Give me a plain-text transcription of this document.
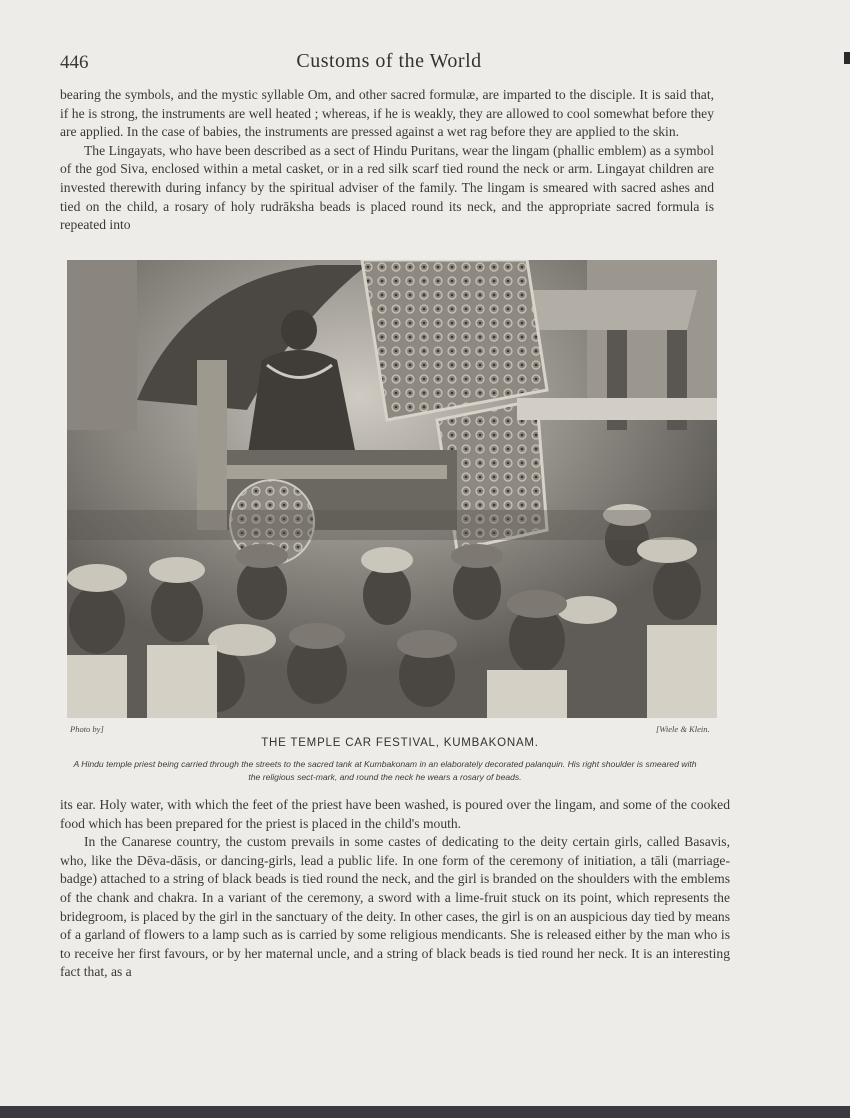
446	Customs of the World

bearing the symbols, and the mystic syllable Om, and other sacred formulæ, are imparted to the disciple. It is said that, if he is strong, the instruments are well heated ; whereas, if he is weakly, they are allowed to cool somewhat before they are applied. In the case of babies, the instruments are pressed against a wet rag before they are applied to the skin.

The Lingayats, who have been described as a sect of Hindu Puritans, wear the lingam (phallic emblem) as a symbol of the god Siva, enclosed within a metal casket, or in a red silk scarf tied round the neck or arm. Lingayat children are invested therewith during infancy by the spiritual adviser of the family. The lingam is smeared with sacred ashes and tied on the child, a rosary of holy rudrāksha beads is placed round its neck, and the appropriate sacred formula is repeated into

Photo by]	[Wiele & Klein.
THE TEMPLE CAR FESTIVAL, KUMBAKONAM.
A Hindu temple priest being carried through the streets to the sacred tank at Kumbakonam in an elaborately decorated palanquin. His right shoulder is smeared with the religious sect-mark, and round the neck he wears a rosary of beads.

its ear. Holy water, with which the feet of the priest have been washed, is poured over the lingam, and some of the cooked food which has been prepared for the priest is placed in the child's mouth.

In the Canarese country, the custom prevails in some castes of dedicating to the deity certain girls, called Basavis, who, like the Dēva-dāsis, or dancing-girls, lead a public life. In one form of the ceremony of initiation, a tāli (marriage-badge) attached to a string of black beads is tied round the neck, and the girl is branded on the shoulders with the emblems of the chank and chakra. In a variant of the ceremony, a sword with a lime-fruit stuck on its point, which represents the bridegroom, is placed by the girl in the sanctuary of the deity. In other cases, the girl is on an auspicious day tied by means of a garland of flowers to a lamp such as is carried by some religious mendicants. She is released either by the man who is to receive her first favours, or by her maternal uncle, and a string of black beads is tied round her neck. It is an interesting fact that, as a
